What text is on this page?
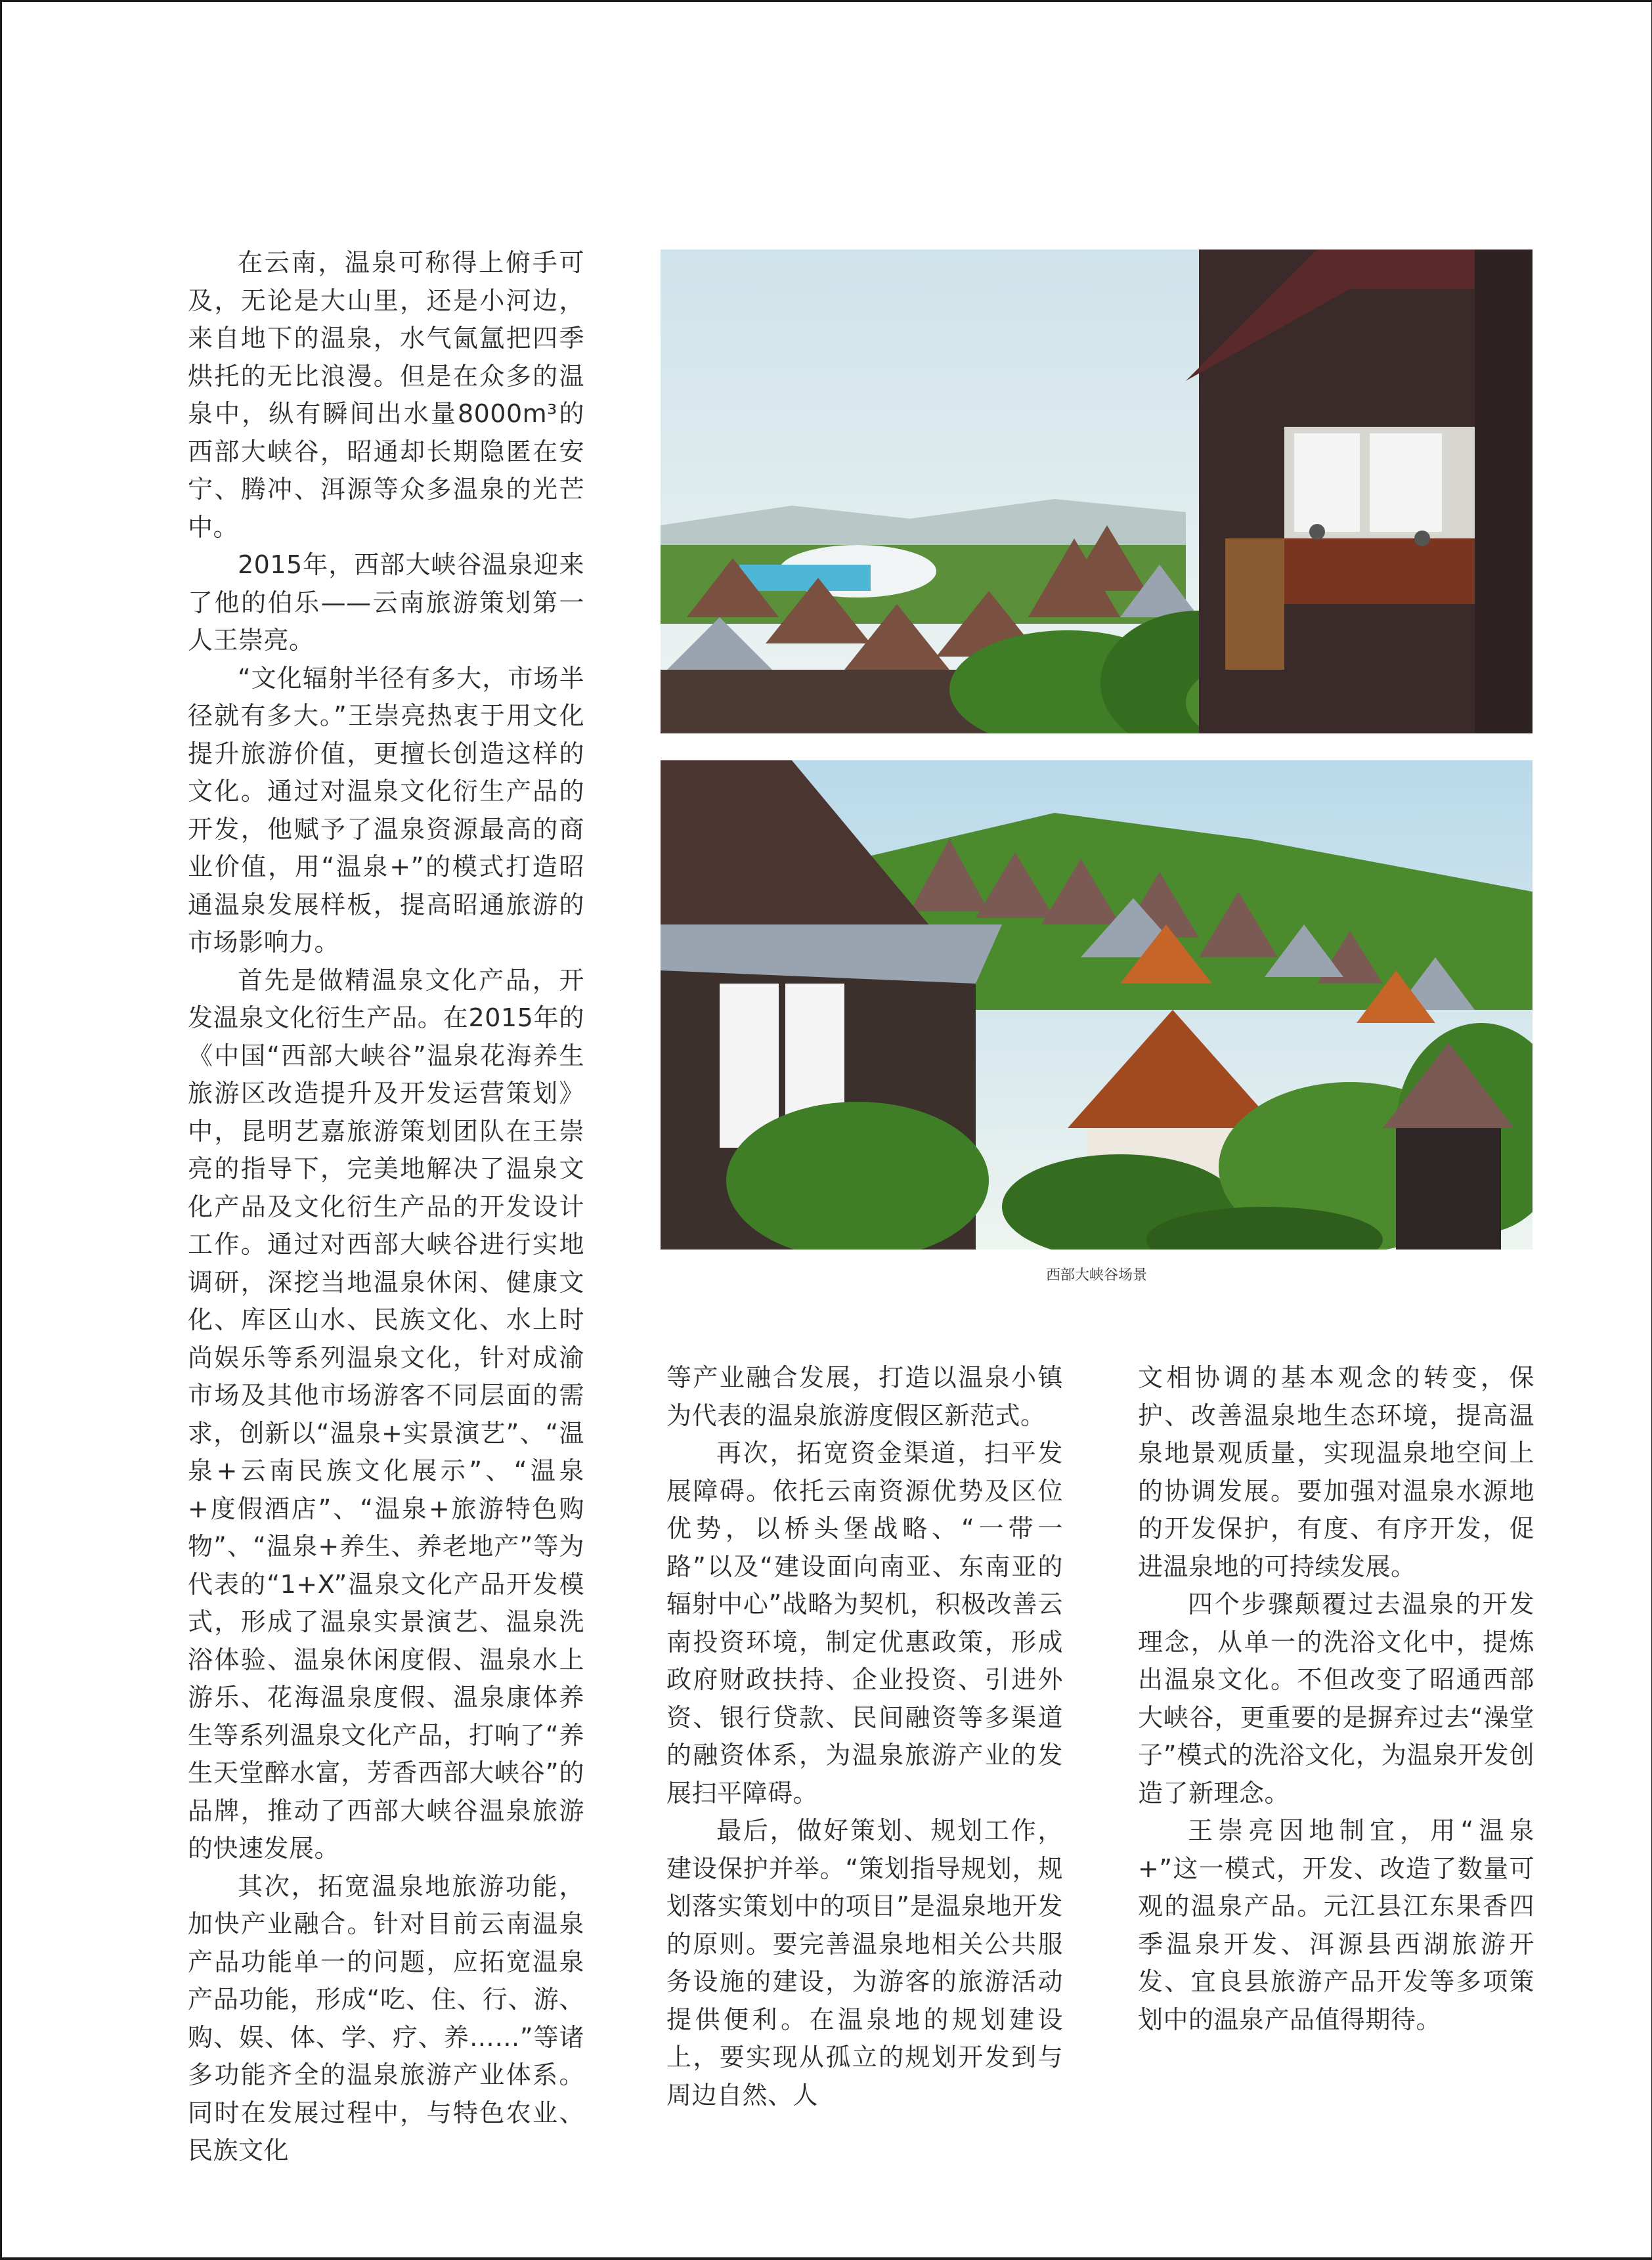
在云南，温泉可称得上俯手可及，无论是大山里，还是小河边，来自地下的温泉，水气氤氲把四季烘托的无比浪漫。但是在众多的温泉中，纵有瞬间出水量8000m³的西部大峡谷，昭通却长期隐匿在安宁、腾冲、洱源等众多温泉的光芒中。

2015年，西部大峡谷温泉迎来了他的伯乐——云南旅游策划第一人王崇亮。

“文化辐射半径有多大，市场半径就有多大。”王崇亮热衷于用文化提升旅游价值，更擅长创造这样的文化。通过对温泉文化衍生产品的开发，他赋予了温泉资源最高的商业价值，用“温泉+”的模式打造昭通温泉发展样板，提高昭通旅游的市场影响力。

首先是做精温泉文化产品，开发温泉文化衍生产品。在2015年的《中国“西部大峡谷”温泉花海养生旅游区改造提升及开发运营策划》中，昆明艺嘉旅游策划团队在王崇亮的指导下，完美地解决了温泉文化产品及文化衍生产品的开发设计工作。通过对西部大峡谷进行实地调研，深挖当地温泉休闲、健康文化、库区山水、民族文化、水上时尚娱乐等系列温泉文化，针对成渝市场及其他市场游客不同层面的需求，创新以“温泉+实景演艺”、“温泉+云南民族文化展示”、“温泉+度假酒店”、“温泉+旅游特色购物”、“温泉+养生、养老地产”等为代表的“1+X”温泉文化产品开发模式，形成了温泉实景演艺、温泉洗浴体验、温泉休闲度假、温泉水上游乐、花海温泉度假、温泉康体养生等系列温泉文化产品，打响了“养生天堂醉水富，芳香西部大峡谷”的品牌，推动了西部大峡谷温泉旅游的快速发展。

其次，拓宽温泉地旅游功能，加快产业融合。针对目前云南温泉产品功能单一的问题，应拓宽温泉产品功能，形成“吃、住、行、游、购、娱、体、学、疗、养……”等诸多功能齐全的温泉旅游产业体系。同时在发展过程中，与特色农业、民族文化

西部大峡谷场景

等产业融合发展，打造以温泉小镇为代表的温泉旅游度假区新范式。

再次，拓宽资金渠道，扫平发展障碍。依托云南资源优势及区位优势，以桥头堡战略、“一带一路”以及“建设面向南亚、东南亚的辐射中心”战略为契机，积极改善云南投资环境，制定优惠政策，形成政府财政扶持、企业投资、引进外资、银行贷款、民间融资等多渠道的融资体系，为温泉旅游产业的发展扫平障碍。

最后，做好策划、规划工作，建设保护并举。“策划指导规划，规划落实策划中的项目”是温泉地开发的原则。要完善温泉地相关公共服务设施的建设，为游客的旅游活动提供便利。在温泉地的规划建设上，要实现从孤立的规划开发到与周边自然、人

文相协调的基本观念的转变，保护、改善温泉地生态环境，提高温泉地景观质量，实现温泉地空间上的协调发展。要加强对温泉水源地的开发保护，有度、有序开发，促进温泉地的可持续发展。

四个步骤颠覆过去温泉的开发理念，从单一的洗浴文化中，提炼出温泉文化。不但改变了昭通西部大峡谷，更重要的是摒弃过去“澡堂子”模式的洗浴文化，为温泉开发创造了新理念。

王崇亮因地制宜，用“温泉+”这一模式，开发、改造了数量可观的温泉产品。元江县江东果香四季温泉开发、洱源县西湖旅游开发、宜良县旅游产品开发等多项策划中的温泉产品值得期待。
